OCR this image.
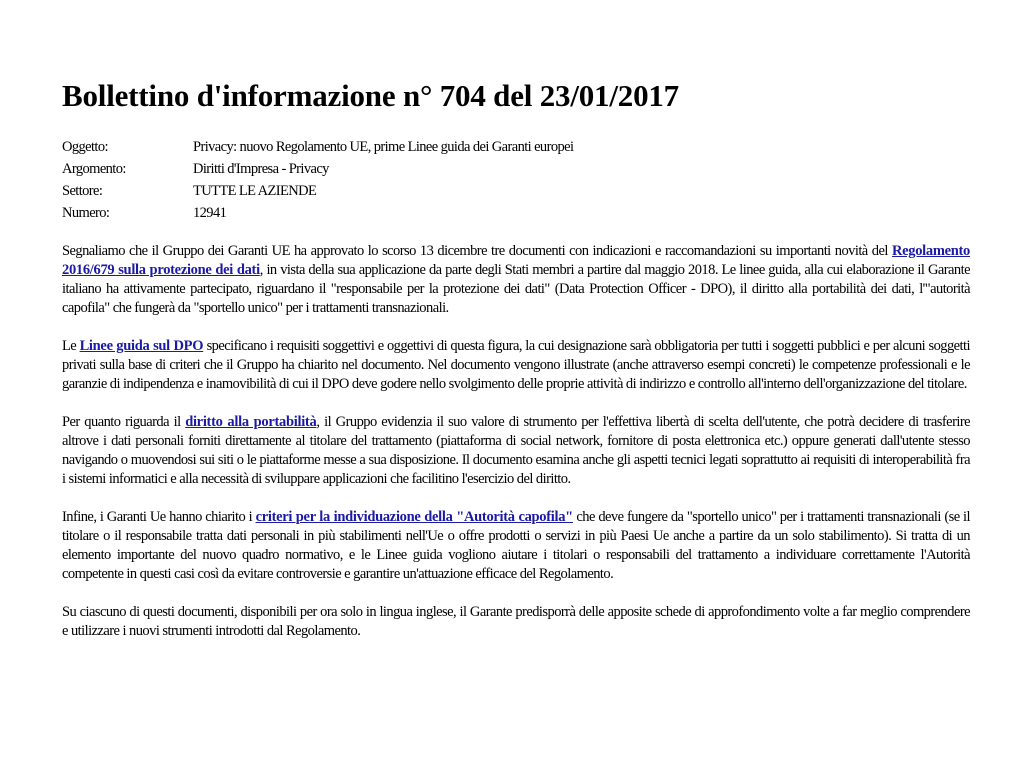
Bollettino d'informazione n° 704 del 23/01/2017
Oggetto:	Privacy: nuovo Regolamento UE, prime Linee guida dei Garanti europei
Argomento:	Diritti d'Impresa - Privacy
Settore:	TUTTE LE AZIENDE
Numero:	12941

Segnaliamo che il Gruppo dei Garanti UE ha approvato lo scorso 13 dicembre tre documenti con indicazioni e raccomandazioni su importanti novità del Regolamento 2016/679 sulla protezione dei dati, in vista della sua applicazione da parte degli Stati membri a partire dal maggio 2018. Le linee guida, alla cui elaborazione il Garante italiano ha attivamente partecipato, riguardano il "responsabile per la protezione dei dati" (Data Protection Officer - DPO), il diritto alla portabilità dei dati, l'"autorità capofila" che fungerà da "sportello unico" per i trattamenti transnazionali.

Le Linee guida sul DPO specificano i requisiti soggettivi e oggettivi di questa figura, la cui designazione sarà obbligatoria per tutti i soggetti pubblici e per alcuni soggetti privati sulla base di criteri che il Gruppo ha chiarito nel documento. Nel documento vengono illustrate (anche attraverso esempi concreti) le competenze professionali e le garanzie di indipendenza e inamovibilità di cui il DPO deve godere nello svolgimento delle proprie attività di indirizzo e controllo all'interno dell'organizzazione del titolare.

Per quanto riguarda il diritto alla portabilità, il Gruppo evidenzia il suo valore di strumento per l'effettiva libertà di scelta dell'utente, che potrà decidere di trasferire altrove i dati personali forniti direttamente al titolare del trattamento (piattaforma di social network, fornitore di posta elettronica etc.) oppure generati dall'utente stesso navigando o muovendosi sui siti o le piattaforme messe a sua disposizione. Il documento esamina anche gli aspetti tecnici legati soprattutto ai requisiti di interoperabilità fra i sistemi informatici e alla necessità di sviluppare applicazioni che facilitino l'esercizio del diritto.

Infine, i Garanti Ue hanno chiarito i criteri per la individuazione della "Autorità capofila" che deve fungere da "sportello unico" per i trattamenti transnazionali (se il titolare o il responsabile tratta dati personali in più stabilimenti nell'Ue o offre prodotti o servizi in più Paesi Ue anche a partire da un solo stabilimento). Si tratta di un elemento importante del nuovo quadro normativo, e le Linee guida vogliono aiutare i titolari o responsabili del trattamento a individuare correttamente l'Autorità competente in questi casi così da evitare controversie e garantire un'attuazione efficace del Regolamento.

Su ciascuno di questi documenti, disponibili per ora solo in lingua inglese, il Garante predisporrà delle apposite schede di approfondimento volte a far meglio comprendere e utilizzare i nuovi strumenti introdotti dal Regolamento.
